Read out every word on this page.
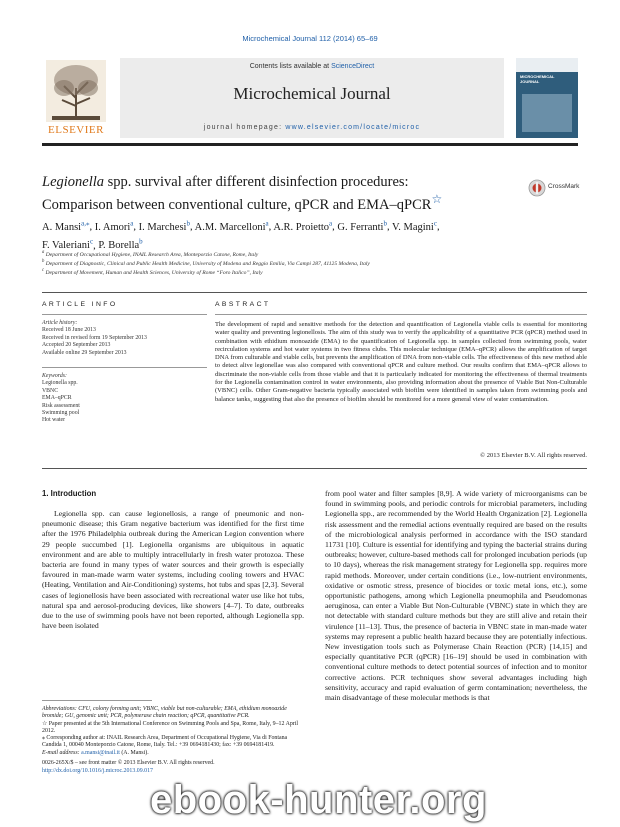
Microchemical Journal 112 (2014) 65–69
ELSEVIER
Contents lists available at ScienceDirect
Microchemical Journal
journal homepage: www.elsevier.com/locate/microc
MICROCHEMICAL JOURNAL
Legionella spp. survival after different disinfection procedures:
Comparison between conventional culture, qPCR and EMA–qPCR☆
CrossMark
A. Mansi$^{a,⁎}$, I. Amori$^a$, I. Marchesi$^b$, A.M. Marcelloni$^a$, A.R. Proietto$^a$, G. Ferranti$^b$, V. Magini$^c$,
F. Valeriani$^c$, P. Borella$^b$
$^a$ Department of Occupational Hygiene, INAIL Research Area, Monteporzio Catone, Rome, Italy
$^b$ Department of Diagnostic, Clinical and Public Health Medicine, University of Modena and Reggio Emilia, Via Campi 287, 41125 Modena, Italy
$^c$ Department of Movement, Human and Health Sciences, University of Rome “Foro Italico”, Italy
ARTICLE INFO	ABSTRACT
Article history:
Received 18 June 2013
Received in revised form 19 September 2013
Accepted 20 September 2013
Available online 29 September 2013
Keywords:
Legionella spp.
VBNC
EMA–qPCR
Risk assessment
Swimming pool
Hot water
The development of rapid and sensitive methods for the detection and quantification of Legionella viable cells is essential for monitoring water quality and preventing legionellosis. The aim of this study was to verify the applicability of a quantitative PCR (qPCR) method used in combination with ethidium monoazide (EMA) to the quantification of Legionella spp. in samples collected from swimming pools, water recirculation systems and hot water systems in two fitness clubs. This molecular technique (EMA–qPCR) allows the amplification of target DNA from culturable and viable cells, but prevents the amplification of DNA from non-viable cells. The effectiveness of this new method able to detect alive legionellae was also compared with conventional qPCR and culture method. Our results confirm that EMA–qPCR allows to discriminate the non-viable cells from those viable and that it is particularly indicated for monitoring the effectiveness of thermal treatments for the Legionella contamination control in water environments, also providing information about the presence of Viable But Non-Culturable (VBNC) cells. Other Gram-negative bacteria typically associated with biofilm were identified in samples taken from swimming pools and balance tanks, suggesting that also the presence of biofilm should be monitored for a more general view of water contamination.
© 2013 Elsevier B.V. All rights reserved.
1. Introduction

Legionella spp. can cause legionellosis, a range of pneumonic and non-pneumonic disease; this Gram negative bacterium was identified for the first time after the 1976 Philadelphia outbreak during the American Legion convention where 29 people succumbed [1]. Legionella organisms are ubiquitous in aquatic environment and are able to multiply intracellularly in fresh water protozoa. These bacteria are found in many types of water sources and their growth is especially favoured in man-made warm water systems, including cooling towers and HVAC (Heating, Ventilation and Air-Conditioning) systems, hot tubs and spas [2,3]. Several cases of legionellosis have been associated with recreational water use like hot tubs, natural spa and aerosol-producing devices, like showers [4–7]. To date, outbreaks due to the use of swimming pools have not been reported, although Legionella spp. have been isolated

from pool water and filter samples [8,9]. A wide variety of microorganisms can be found in swimming pools, and periodic controls for microbial parameters, including Legionella spp., are recommended by the World Health Organization [2]. Legionella risk assessment and the remedial actions eventually required are based on the results of the microbiological analysis performed in accordance with the ISO standard 11731 [10]. Culture is essential for identifying and typing the bacterial strains during outbreaks; however, culture-based methods call for prolonged incubation periods (up to 10 days), whereas the risk management strategy for Legionella spp. requires more rapid methods. Moreover, under certain conditions (i.e., low-nutrient environments, oxidative or osmotic stress, presence of biocides or toxic metal ions, etc.), some opportunistic pathogens, among which Legionella pneumophila and Pseudomonas aeruginosa, can enter a Viable But Non-Culturable (VBNC) state in which they are not detectable with standard culture methods but they are still alive and retain their virulence [11–13]. Thus, the presence of bacteria in VBNC state in man-made water systems may represent a public health hazard because they are potentially infectious. New investigation tools such as Polymerase Chain Reaction (PCR) [14,15] and especially quantitative PCR (qPCR) [16–19] should be used in combination with conventional culture methods to detect potential sources of infection and to monitor corrective actions. PCR techniques show several advantages including high sensitivity, accuracy and rapid evaluation of germ contamination; nevertheless, the main disadvantage of these molecular methods is that

Abbreviations: CFU, colony forming unit; VBNC, viable but non-culturable; EMA, ethidium monoazide bromide; GU, genomic unit; PCR, polymerase chain reaction; qPCR, quantitative PCR.

☆ Paper presented at the 5th International Conference on Swimming Pools and Spa, Rome, Italy, 9–12 April 2012.

⁎ Corresponding author at: INAIL Research Area, Department of Occupational Hygiene, Via di Fontana Candida 1, 00040 Monteporzio Catone, Rome, Italy. Tel.: +39 0694181430; fax: +39 0694181419.

E-mail address: a.mansi@inail.it (A. Mansi).

0026-265X/$ – see front matter © 2013 Elsevier B.V. All rights reserved.
http://dx.doi.org/10.1016/j.microc.2013.09.017
ebook-hunter.org
